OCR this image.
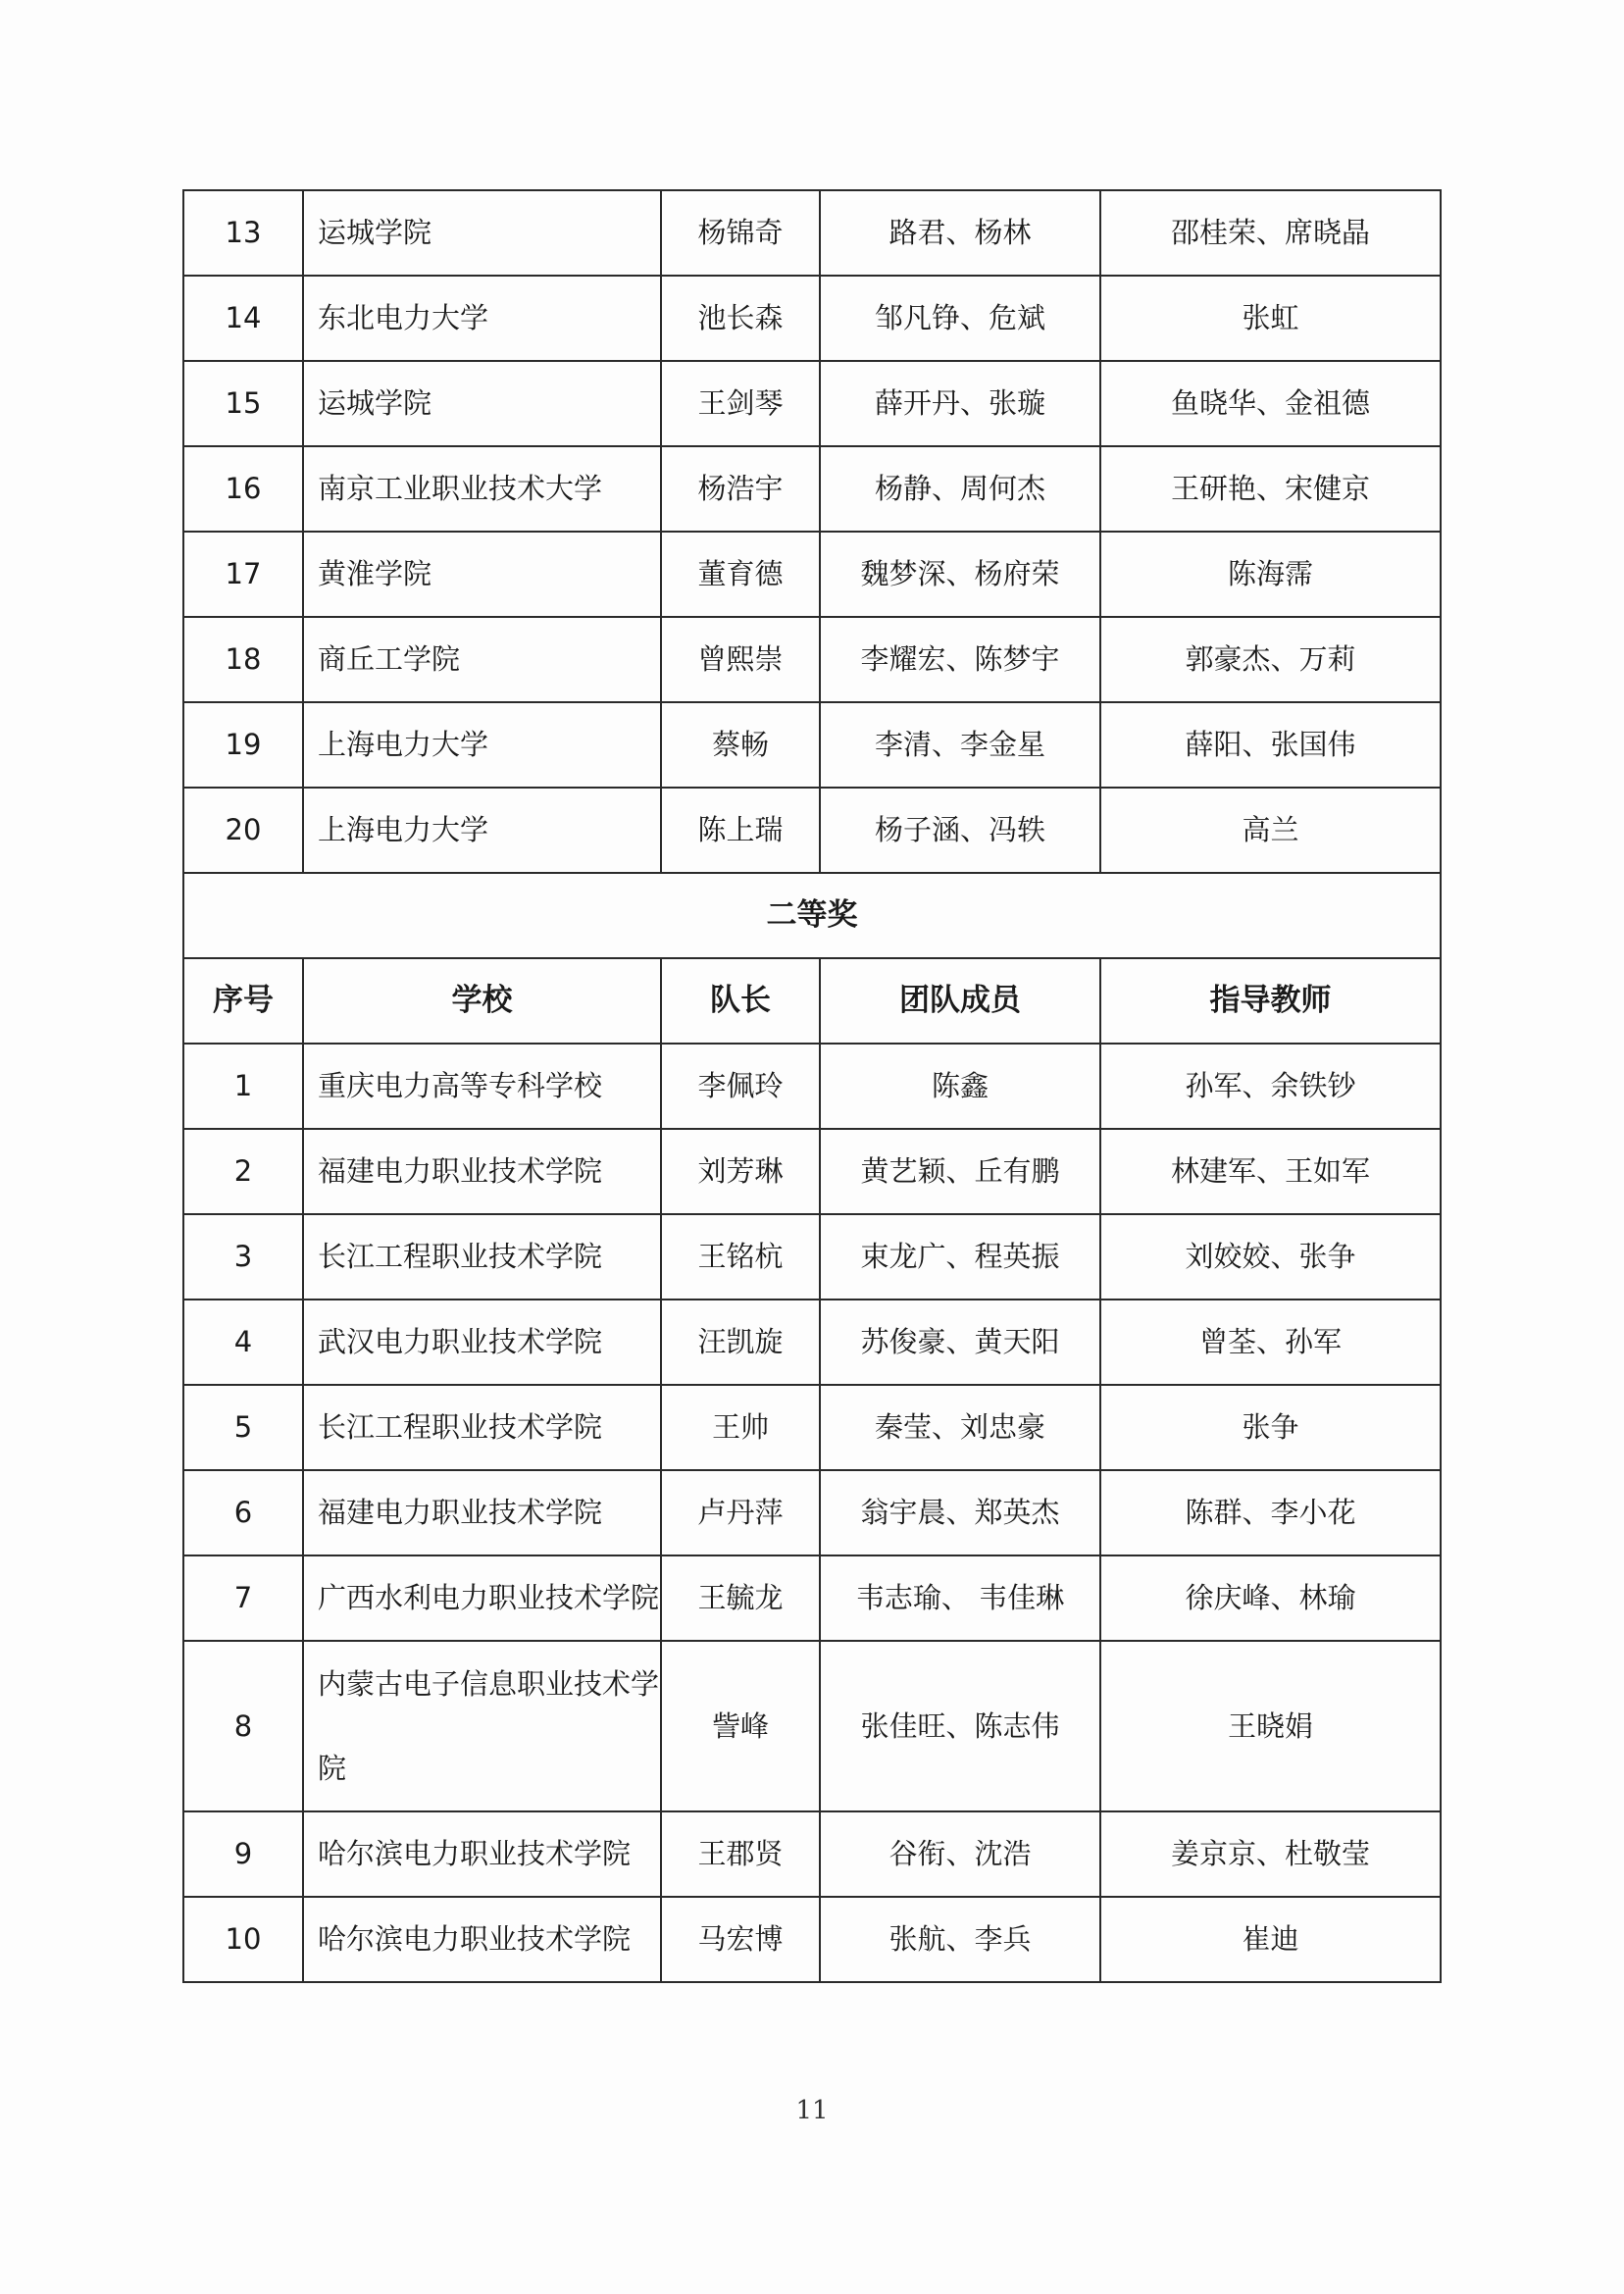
13	运城学院	杨锦奇	路君、杨林	邵桂荣、席晓晶
14	东北电力大学	池长森	邹凡铮、危斌	张虹
15	运城学院	王剑琴	薛开丹、张璇	鱼晓华、金祖德
16	南京工业职业技术大学	杨浩宇	杨静、周何杰	王研艳、宋健京
17	黄淮学院	董育德	魏梦深、杨府荣	陈海霈
18	商丘工学院	曾熙崇	李耀宏、陈梦宇	郭豪杰、万莉
19	上海电力大学	蔡畅	李清、李金星	薛阳、张国伟
20	上海电力大学	陈上瑞	杨子涵、冯轶	高兰
二等奖				
序号	学校	队长	团队成员	指导教师
1	重庆电力高等专科学校	李佩玲	陈鑫	孙军、余铁钞
2	福建电力职业技术学院	刘芳琳	黄艺颖、丘有鹏	林建军、王如军
3	长江工程职业技术学院	王铭杭	束龙广、程英振	刘姣姣、张争
4	武汉电力职业技术学院	汪凯旋	苏俊豪、黄天阳	曾荃、孙军
5	长江工程职业技术学院	王帅	秦莹、刘忠豪	张争
6	福建电力职业技术学院	卢丹萍	翁宇晨、郑英杰	陈群、李小花
7	广西水利电力职业技术学院	王毓龙	韦志瑜、 韦佳琳	徐庆峰、林瑜
8	内蒙古电子信息职业技术学院	訾峰	张佳旺、陈志伟	王晓娟
9	哈尔滨电力职业技术学院	王郡贤	谷衔、沈浩	姜京京、杜敬莹
10	哈尔滨电力职业技术学院	马宏博	张航、李兵	崔迪
11
